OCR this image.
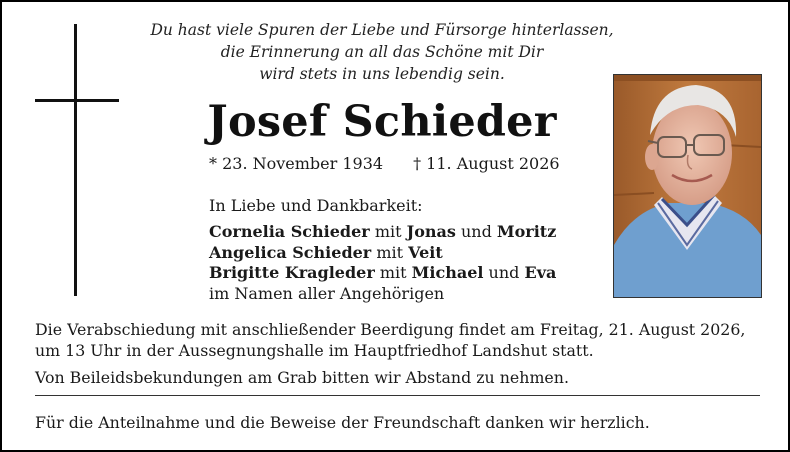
Du hast viele Spuren der Liebe und Fürsorge hinterlassen,
die Erinnerung an all das Schöne mit Dir
wird stets in uns lebendig sein.
Josef Schieder
* 23. November 1934 † 11. August 2026
In Liebe und Dankbarkeit:
Cornelia Schieder mit Jonas und Moritz
Angelica Schieder mit Veit
Brigitte Kragleder mit Michael und Eva
im Namen aller Angehörigen
Die Verabschiedung mit anschließender Beerdigung findet am Freitag, 21. August 2026,
um 13 Uhr in der Aussegnungshalle im Hauptfriedhof Landshut statt.
Von Beileidsbekundungen am Grab bitten wir Abstand zu nehmen.
Für die Anteilnahme und die Beweise der Freundschaft danken wir herzlich.
